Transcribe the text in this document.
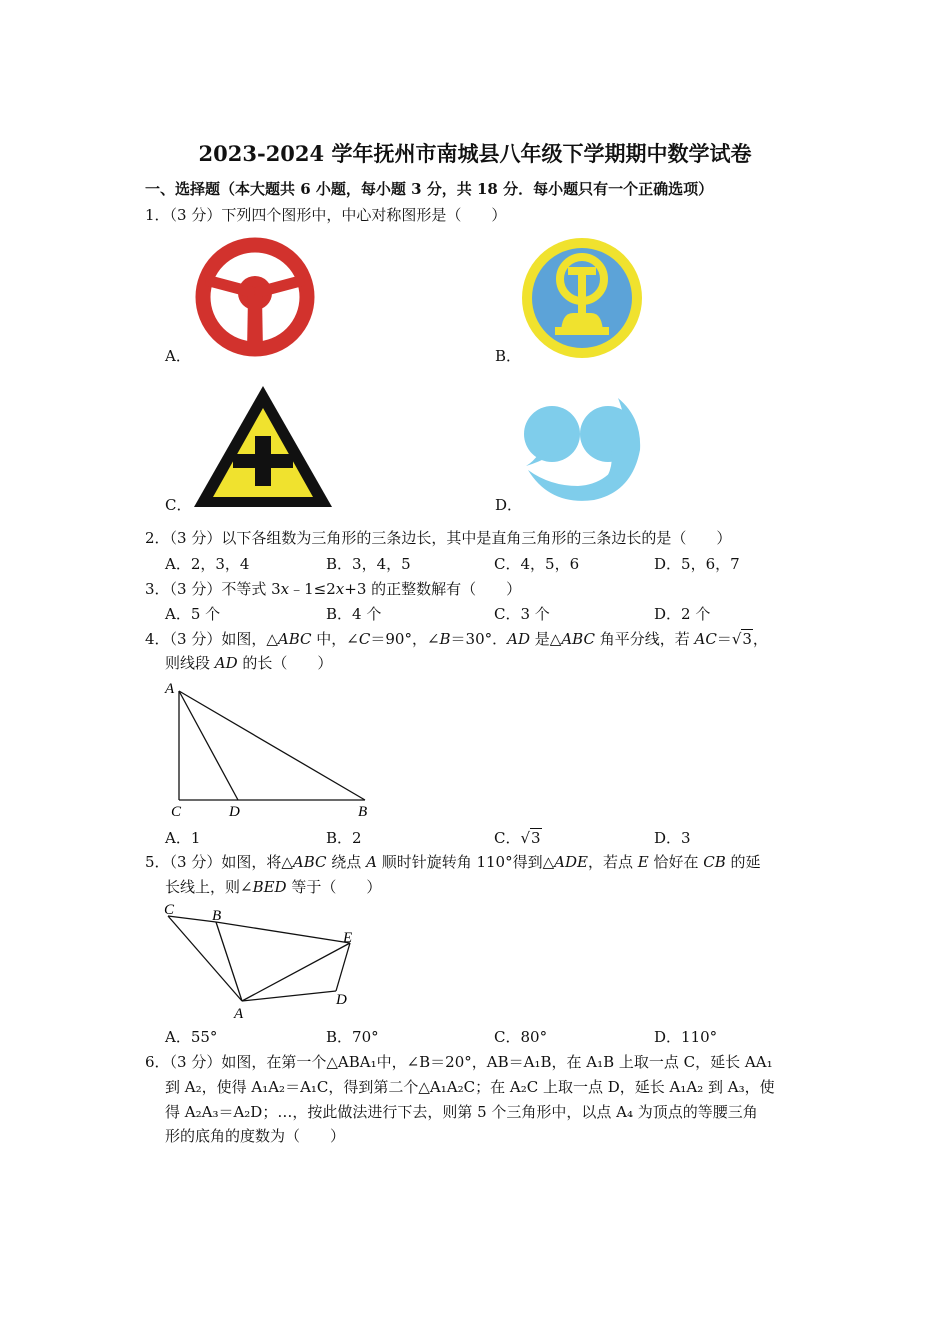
2023-2024 学年抚州市南城县八年级下学期期中数学试卷
一、选择题（本大题共 6 小题，每小题 3 分，共 18 分．每小题只有一个正确选项）
1．（3 分）下列四个图形中，中心对称图形是（　　）
A．	B．
C．	D．
2．（3 分）以下各组数为三角形的三条边长，其中是直角三角形的三条边长的是（　　）
A．2，3，4	B．3，4，5	C．4，5，6	D．5，6，7
3．（3 分）不等式 3x﹣1≤2x+3 的正整数解有（　　）
A．5 个	B．4 个	C．3 个	D．2 个
4．（3 分）如图，△ABC 中，∠C＝90°，∠B＝30°．AD 是△ABC 角平分线，若 AC＝√3，
则线段 AD 的长（　　）
A
C	D	B
A．1	B．2	C．√3	D．3
5．（3 分）如图，将△ABC 绕点 A 顺时针旋转角 110°得到△ADE，若点 E 恰好在 CB 的延
长线上，则∠BED 等于（　　）
C	B
E
D
A
A．55°	B．70°	C．80°	D．110°
6．（3 分）如图，在第一个△ABA₁中，∠B＝20°，AB＝A₁B，在 A₁B 上取一点 C，延长 AA₁
到 A₂，使得 A₁A₂＝A₁C，得到第二个△A₁A₂C；在 A₂C 上取一点 D，延长 A₁A₂ 到 A₃，使
得 A₂A₃＝A₂D；…，按此做法进行下去，则第 5 个三角形中，以点 A₄ 为顶点的等腰三角
形的底角的度数为（　　）
